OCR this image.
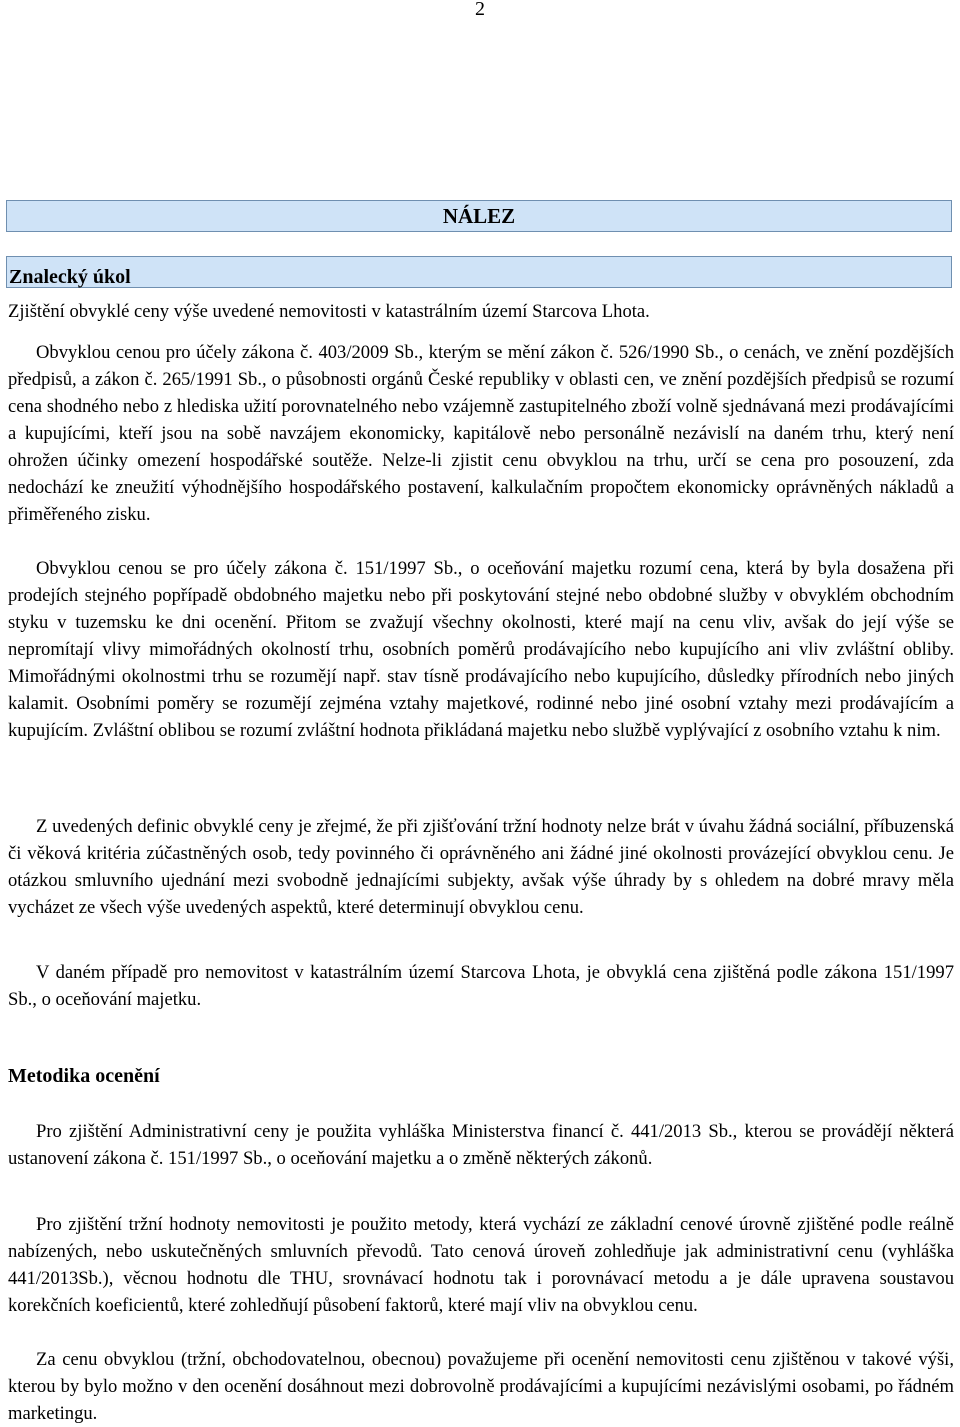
2
NÁLEZ
Znalecký úkol

Zjištění obvyklé ceny výše uvedené nemovitosti v katastrálním území Starcova Lhota.

Obvyklou cenou pro účely zákona č. 403/2009 Sb., kterým se mění zákon č. 526/1990 Sb., o cenách, ve znění pozdějších předpisů, a zákon č. 265/1991 Sb., o působnosti orgánů České republiky v oblasti cen, ve znění pozdějších předpisů se rozumí cena shodného nebo z hlediska užití porovnatelného nebo vzájemně zastupitelného zboží volně sjednávaná mezi prodávajícími a kupujícími, kteří jsou na sobě navzájem ekonomicky, kapitálově nebo personálně nezávislí na daném trhu, který není ohrožen účinky omezení hospodářské soutěže. Nelze-li zjistit cenu obvyklou na trhu, určí se cena pro posouzení, zda nedochází ke zneužití výhodnějšího hospodářského postavení, kalkulačním propočtem ekonomicky oprávněných nákladů a přiměřeného zisku.

Obvyklou cenou se pro účely zákona č. 151/1997 Sb., o oceňování majetku rozumí cena, která by byla dosažena při prodejích stejného popřípadě obdobného majetku nebo při poskytování stejné nebo obdobné služby v obvyklém obchodním styku v tuzemsku ke dni ocenění. Přitom se zvažují všechny okolnosti, které mají na cenu vliv, avšak do její výše se nepromítají vlivy mimořádných okolností trhu, osobních poměrů prodávajícího nebo kupujícího ani vliv zvláštní obliby. Mimořádnými okolnostmi trhu se rozumějí např. stav tísně prodávajícího nebo kupujícího, důsledky přírodních nebo jiných kalamit. Osobními poměry se rozumějí zejména vztahy majetkové, rodinné nebo jiné osobní vztahy mezi prodávajícím a kupujícím. Zvláštní oblibou se rozumí zvláštní hodnota přikládaná majetku nebo službě vyplývající z osobního vztahu k nim.

Z uvedených definic obvyklé ceny je zřejmé, že při zjišťování tržní hodnoty nelze brát v úvahu žádná sociální, příbuzenská či věková kritéria zúčastněných osob, tedy povinného či oprávněného ani žádné jiné okolnosti provázející obvyklou cenu. Je otázkou smluvního ujednání mezi svobodně jednajícími subjekty, avšak výše úhrady by s ohledem na dobré mravy měla vycházet ze všech výše uvedených aspektů, které determinují obvyklou cenu.

V daném případě pro nemovitost v katastrálním území Starcova Lhota, je obvyklá cena zjištěná podle zákona 151/1997 Sb., o oceňování majetku.

Metodika ocenění

Pro zjištění Administrativní ceny je použita vyhláška Ministerstva financí č. 441/2013 Sb., kterou se provádějí některá ustanovení zákona č. 151/1997 Sb., o oceňování majetku a o změně některých zákonů.

Pro zjištění tržní hodnoty nemovitosti je použito metody, která vychází ze základní cenové úrovně zjištěné podle reálně nabízených, nebo uskutečněných smluvních převodů. Tato cenová úroveň zohledňuje jak administrativní cenu (vyhláška 441/2013Sb.), věcnou hodnotu dle THU, srovnávací hodnotu tak i porovnávací metodu a je dále upravena soustavou korekčních koeficientů, které zohledňují působení faktorů, které mají vliv na obvyklou cenu.

Za cenu obvyklou (tržní, obchodovatelnou, obecnou) považujeme při ocenění nemovitosti cenu zjištěnou v takové výši, kterou by bylo možno v den ocenění dosáhnout mezi dobrovolně prodávajícími a kupujícími nezávislými osobami, po řádném marketingu.
